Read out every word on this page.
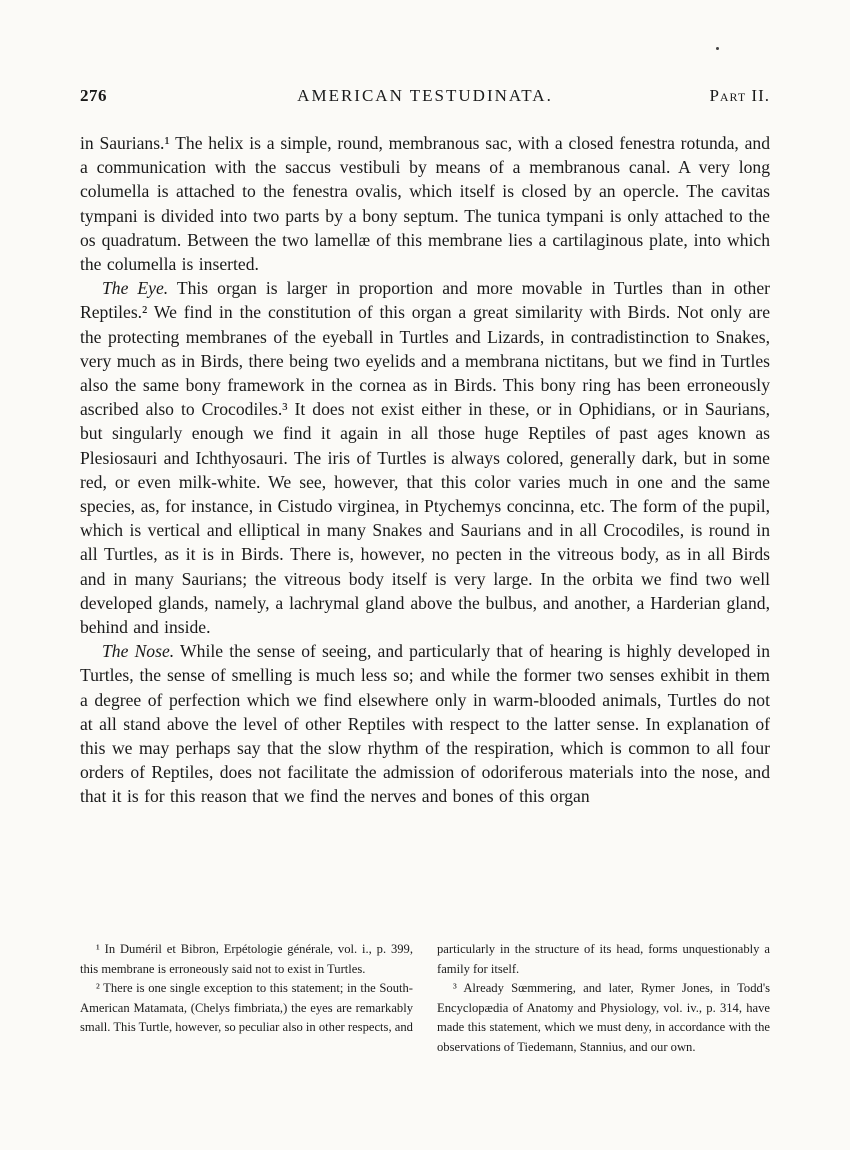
276	AMERICAN TESTUDINATA.	Part II.

in Saurians.¹ The helix is a simple, round, membranous sac, with a closed fenestra rotunda, and a communication with the saccus vestibuli by means of a membranous canal. A very long columella is attached to the fenestra ovalis, which itself is closed by an opercle. The cavitas tympani is divided into two parts by a bony septum. The tunica tympani is only attached to the os quadratum. Between the two lamellæ of this membrane lies a cartilaginous plate, into which the columella is inserted.

The Eye. This organ is larger in proportion and more movable in Turtles than in other Reptiles.² We find in the constitution of this organ a great similarity with Birds. Not only are the protecting membranes of the eyeball in Turtles and Lizards, in contradistinction to Snakes, very much as in Birds, there being two eyelids and a membrana nictitans, but we find in Turtles also the same bony framework in the cornea as in Birds. This bony ring has been erroneously ascribed also to Crocodiles.³ It does not exist either in these, or in Ophidians, or in Saurians, but singularly enough we find it again in all those huge Reptiles of past ages known as Plesiosauri and Ichthyosauri. The iris of Turtles is always colored, generally dark, but in some red, or even milk-white. We see, however, that this color varies much in one and the same species, as, for instance, in Cistudo virginea, in Ptychemys concinna, etc. The form of the pupil, which is vertical and elliptical in many Snakes and Saurians and in all Crocodiles, is round in all Turtles, as it is in Birds. There is, however, no pecten in the vitreous body, as in all Birds and in many Saurians; the vitreous body itself is very large. In the orbita we find two well developed glands, namely, a lachrymal gland above the bulbus, and another, a Harderian gland, behind and inside.

The Nose. While the sense of seeing, and particularly that of hearing is highly developed in Turtles, the sense of smelling is much less so; and while the former two senses exhibit in them a degree of perfection which we find elsewhere only in warm-blooded animals, Turtles do not at all stand above the level of other Reptiles with respect to the latter sense. In explanation of this we may perhaps say that the slow rhythm of the respiration, which is common to all four orders of Reptiles, does not facilitate the admission of odoriferous materials into the nose, and that it is for this reason that we find the nerves and bones of this organ

¹ In Duméril et Bibron, Erpétologie générale, vol. i., p. 399, this membrane is erroneously said not to exist in Turtles.

² There is one single exception to this statement; in the South-American Matamata, (Chelys fimbriata,) the eyes are remarkably small. This Turtle, however, so peculiar also in other respects, and

particularly in the structure of its head, forms unquestionably a family for itself.

³ Already Sœmmering, and later, Rymer Jones, in Todd's Encyclopædia of Anatomy and Physiology, vol. iv., p. 314, have made this statement, which we must deny, in accordance with the observations of Tiedemann, Stannius, and our own.
